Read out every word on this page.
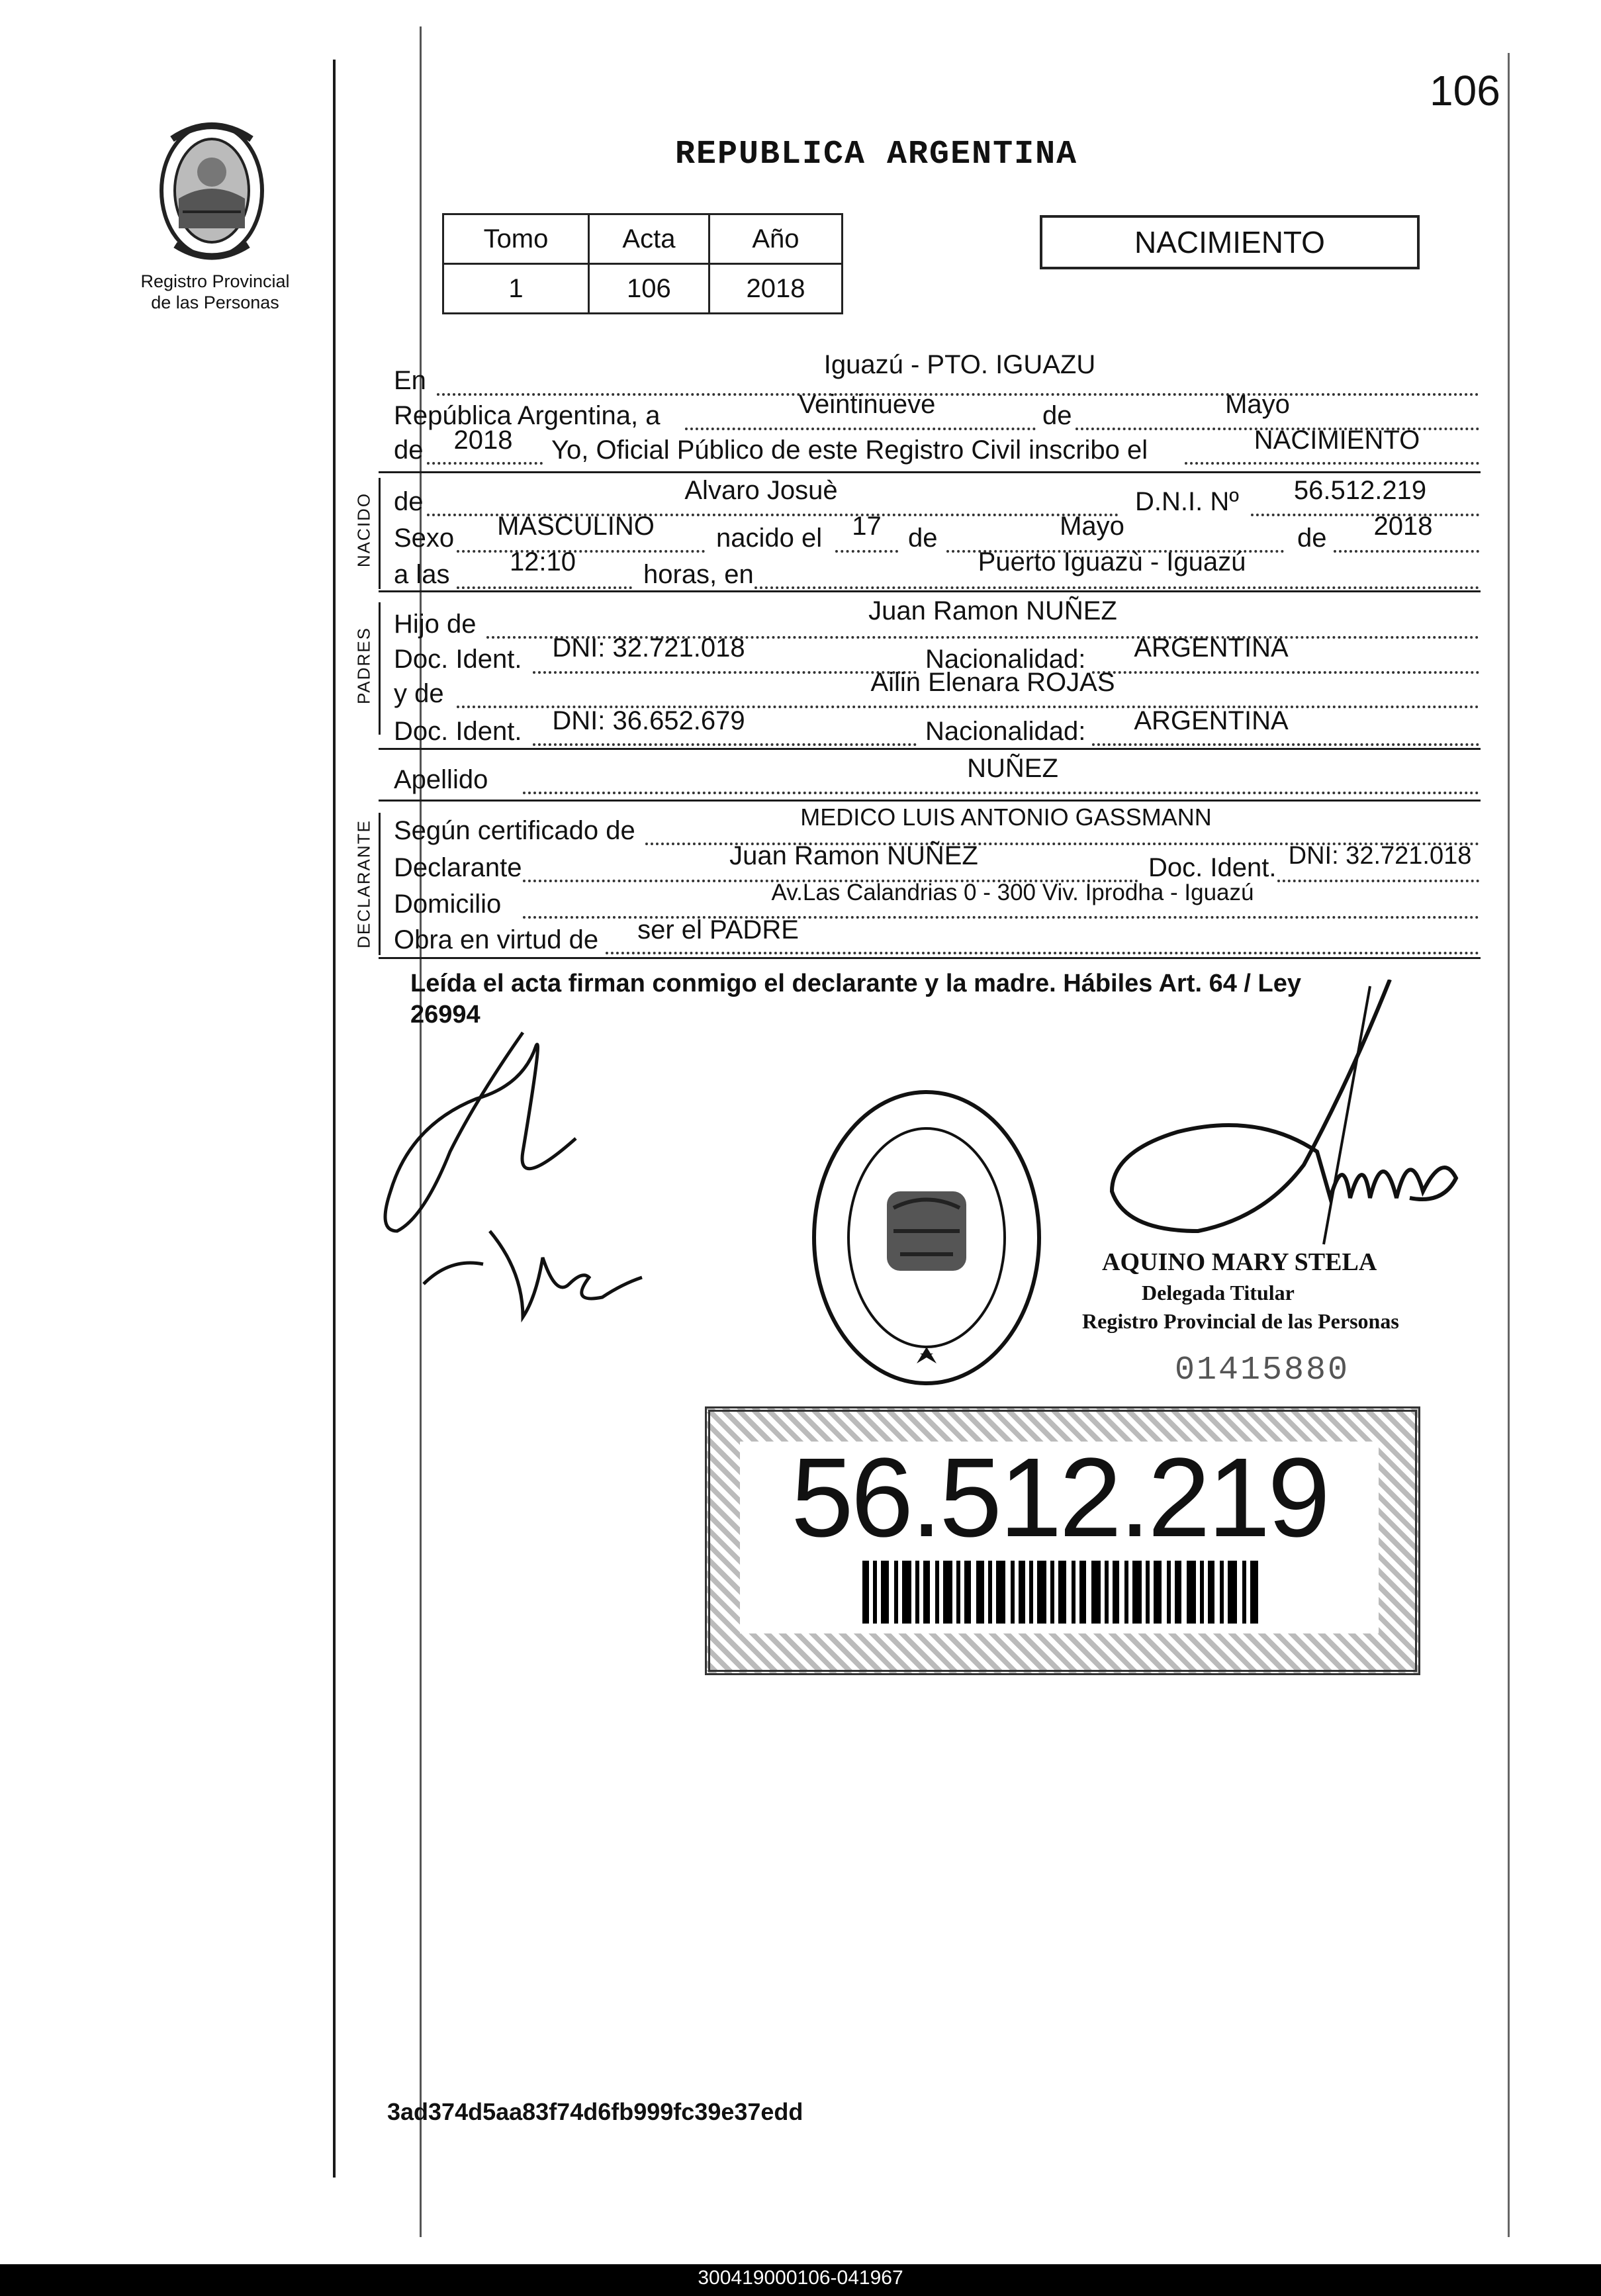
106
Registro Provincial
de las Personas
REPUBLICA ARGENTINA
Tomo	Acta	Año
1	106	2018
NACIMIENTO
En
Iguazú - PTO. IGUAZU
República Argentina, a	Veintinueve	de	Mayo
de	2018	Yo, Oficial Público de este Registro Civil inscribo el	NACIMIENTO
NACIDO de	Alvaro Josuè	D.N.I. Nº	56.512.219
Sexo	MASCULINO	nacido el	17	de	Mayo	de	2018
a las	12:10	horas, en	Puerto Iguazù - Iguazú
PADRES
Hijo de	Juan Ramon NUÑEZ
Doc. Ident.	DNI: 32.721.018	Nacionalidad:	ARGENTINA
y de	Ailin Elenara ROJAS
Doc. Ident.	DNI: 36.652.679	Nacionalidad:	ARGENTINA
Apellido	NUÑEZ
DECLARANTE Según certificado de	MEDICO LUIS ANTONIO GASSMANN
Declarante	Juan Ramon NUÑEZ	Doc. Ident. DNI: 32.721.018
Domicilio	Av.Las Calandrias 0 - 300 Viv. Iprodha - Iguazú
Obra en virtud de	ser el PADRE
Leída el acta firman conmigo el declarante y la madre. Hábiles Art. 64 / Ley
26994
AQUINO MARY STELA
Delegada Titular
Registro Provincial de las Personas
01415880
56.512.219
3ad374d5aa83f74d6fb999fc39e37edd
300419000106-041967
